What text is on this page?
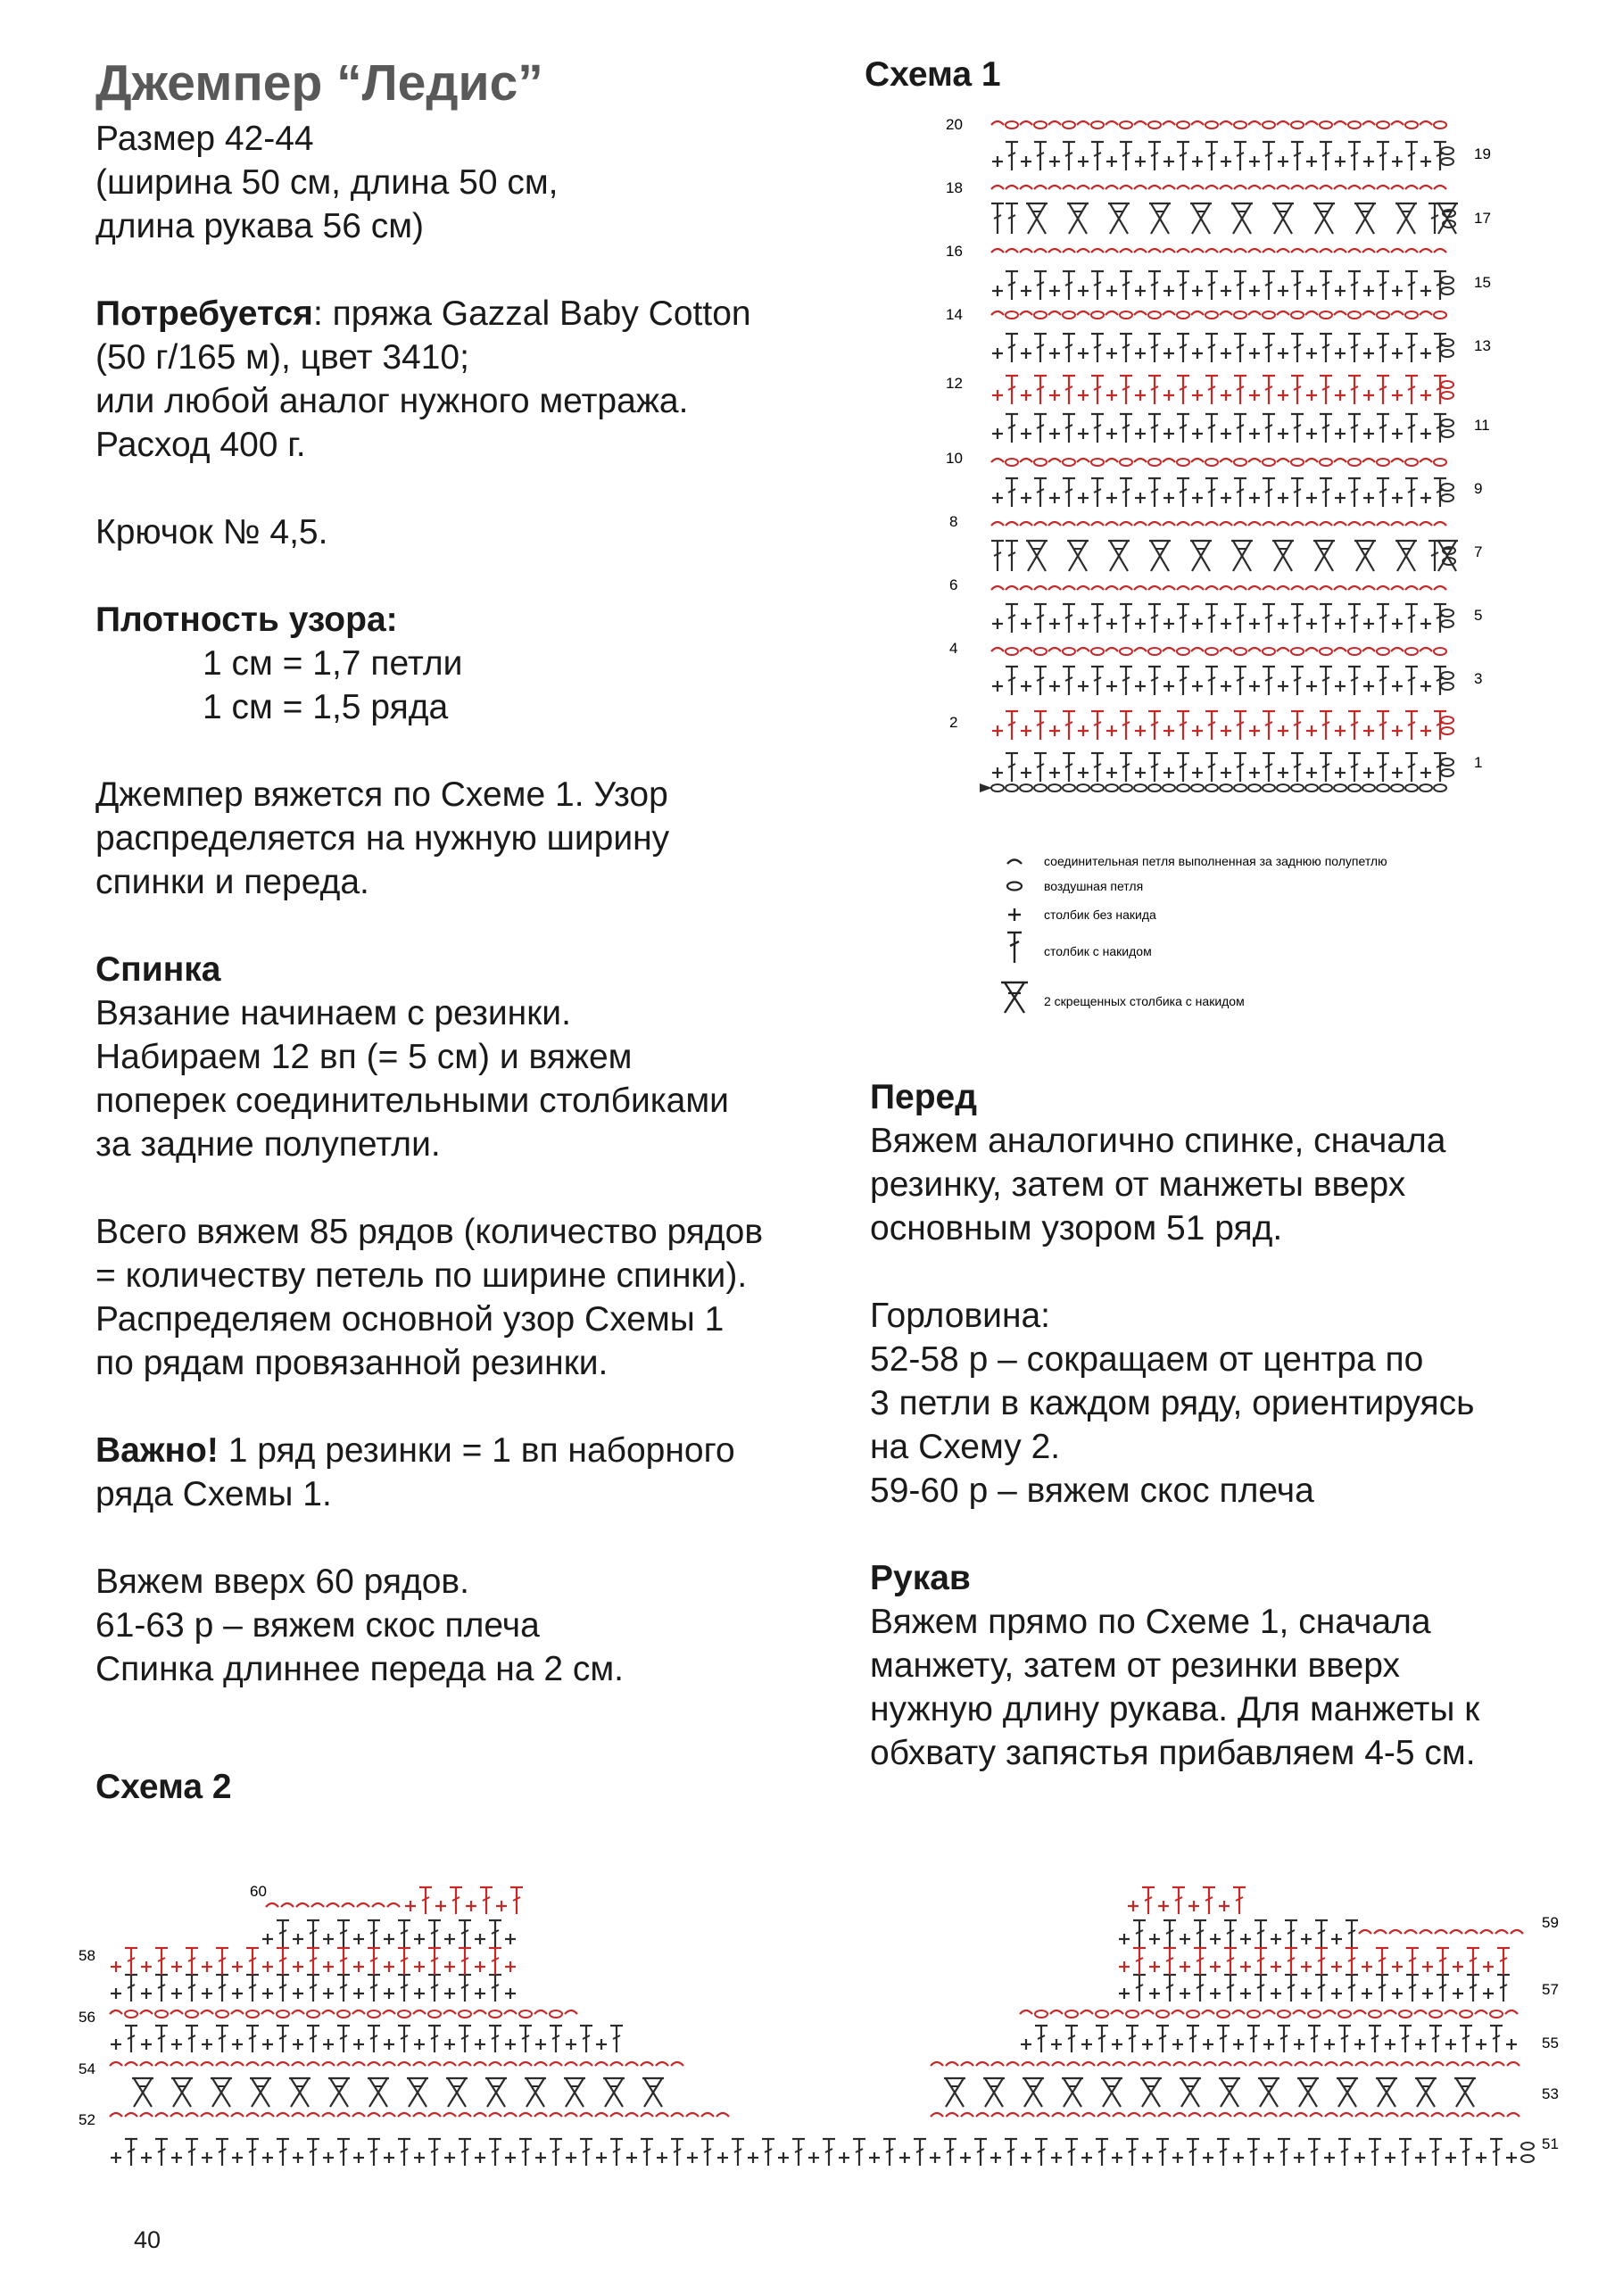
Джемпер “Ледис”

Размер 42-44

(ширина 50 см, длина 50 см,

длина рукава 56 см)

Потребуется: пряжа Gazzal Baby Cotton

(50 г/165 м), цвет 3410;

или любой аналог нужного метража.

Расход 400 г.

Крючок № 4,5.

Плотность узора:

1 см = 1,7 петли

1 см = 1,5 ряда

Джемпер вяжется по Схеме 1. Узор

распределяется на нужную ширину

спинки и переда.

Спинка

Вязание начинаем с резинки.

Набираем 12 вп (= 5 см) и вяжем

поперек соединительными столбиками

за задние полупетли.

Всего вяжем 85 рядов (количество рядов

= количеству петель по ширине спинки).

Распределяем основной узор Схемы 1

по рядам провязанной резинки.

Важно! 1 ряд резинки = 1 вп наборного

ряда Схемы 1.

Вяжем вверх 60 рядов.

61-63 р – вяжем скос плеча

Спинка длиннее переда на 2 см.

Схема 2
Схема 1
20
18
16
14
12
10
8
6
4
2
19
17
15
13
11
9
7
5
3
1
соединительная петля выполненная за заднюю полупетлю
воздушная петля
столбик без накида
столбик с накидом
2 скрещенных столбика с накидом

Перед

Вяжем аналогично спинке, сначала

резинку, затем от манжеты вверх

основным узором 51 ряд.

Горловина:

52-58 р – сокращаем от центра по

3 петли в каждом ряду, ориентируясь

на Схему 2.

59-60 р – вяжем скос плеча

Рукав

Вяжем прямо по Схеме 1, сначала

манжету, затем от резинки вверх

нужную длину рукава. Для манжеты к

обхвату запястья прибавляем 4-5 см.

60
58
56
54
52
59
57
55
53
51
40
